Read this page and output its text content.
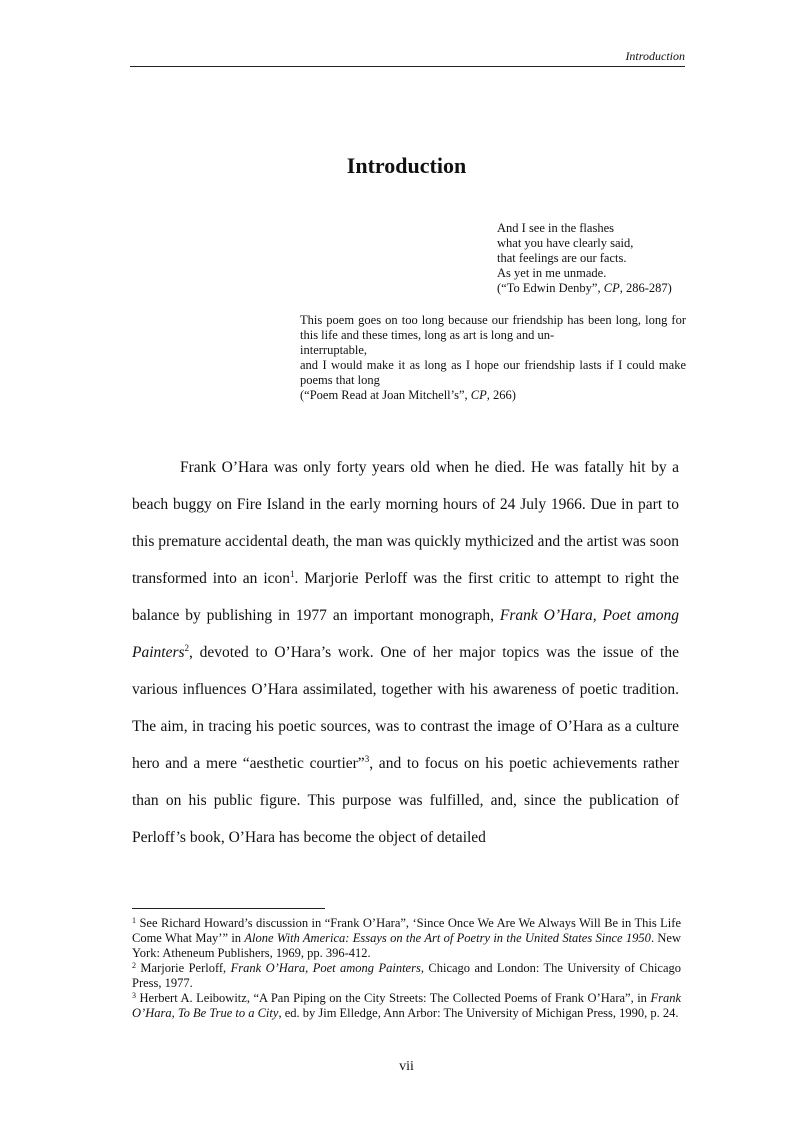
Introduction
Introduction
And I see in the flashes
what you have clearly said,
that feelings are our facts.
As yet in me unmade.
(“To Edwin Denby”, CP, 286-287)
This poem goes on too long because our friendship has been long, long for this life and these times, long as art is long and un-
interruptable,
and I would make it as long as I hope our friendship lasts if I could make poems that long
(“Poem Read at Joan Mitchell’s”, CP, 266)

Frank O’Hara was only forty years old when he died. He was fatally hit by a beach buggy on Fire Island in the early morning hours of 24 July 1966. Due in part to this premature accidental death, the man was quickly mythicized and the artist was soon transformed into an icon$^1$. Marjorie Perloff was the first critic to attempt to right the balance by publishing in 1977 an important monograph, Frank O’Hara, Poet among Painters$^2$, devoted to O’Hara’s work. One of her major topics was the issue of the various influences O’Hara assimilated, together with his awareness of poetic tradition. The aim, in tracing his poetic sources, was to contrast the image of O’Hara as a culture hero and a mere “aesthetic courtier”$^3$, and to focus on his poetic achievements rather than on his public figure. This purpose was fulfilled, and, since the publication of Perloff’s book, O’Hara has become the object of detailed

$^1$ See Richard Howard’s discussion in “Frank O’Hara”, ‘Since Once We Are We Always Will Be in This Life Come What May’” in Alone With America: Essays on the Art of Poetry in the United States Since 1950. New York: Atheneum Publishers, 1969, pp. 396-412.

$^2$ Marjorie Perloff, Frank O’Hara, Poet among Painters, Chicago and London: The University of Chicago Press, 1977.

$^3$ Herbert A. Leibowitz, “A Pan Piping on the City Streets: The Collected Poems of Frank O’Hara”, in Frank O’Hara, To Be True to a City, ed. by Jim Elledge, Ann Arbor: The University of Michigan Press, 1990, p. 24.

vii
